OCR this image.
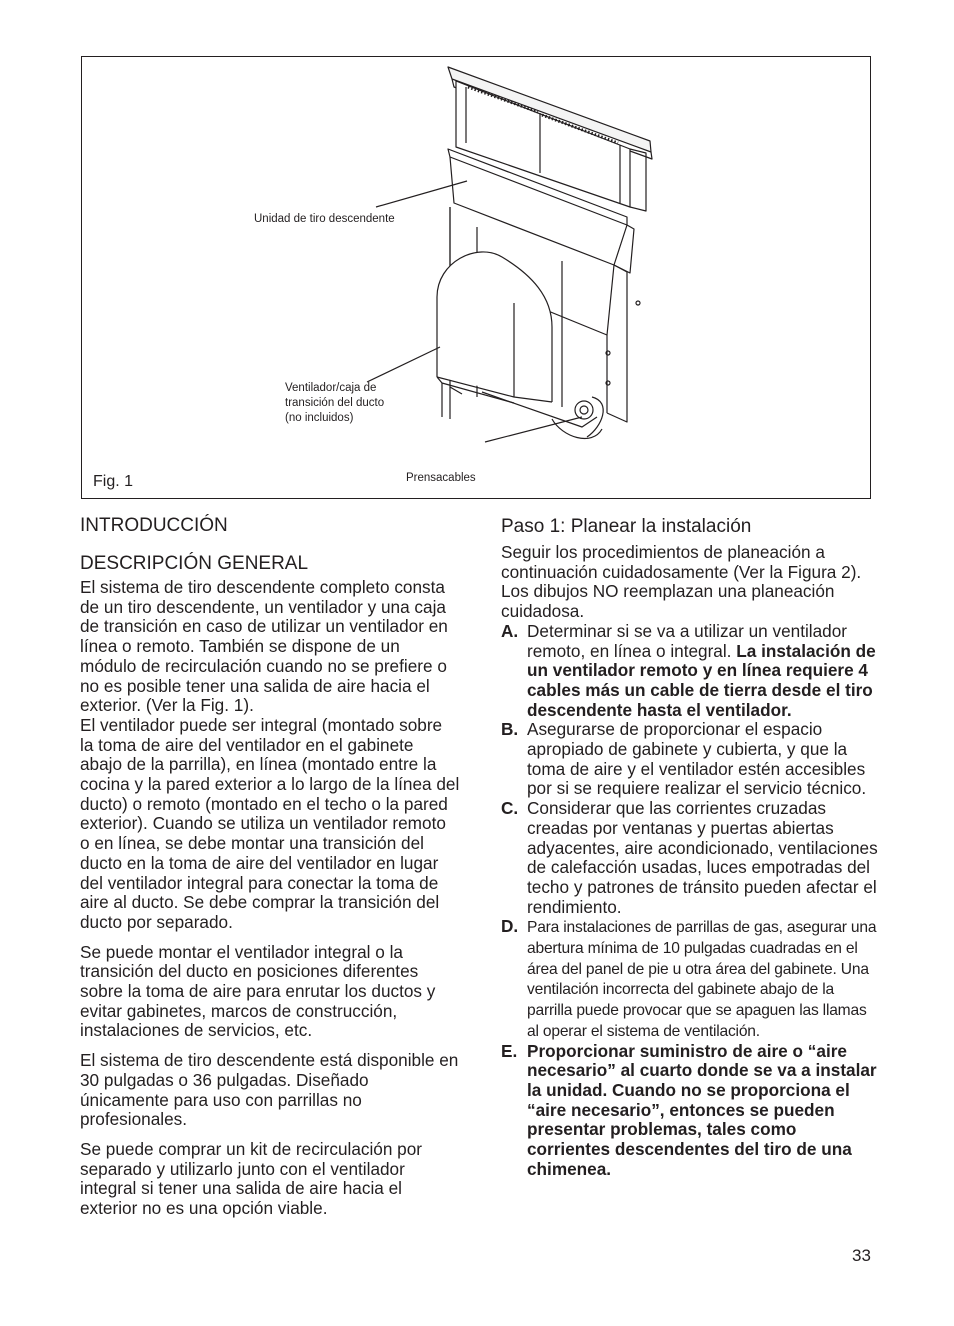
Unidad de tiro descendente
Ventilador/caja de
transición del ducto
(no incluidos)
Prensacables
Fig. 1
INTRODUCCIÓN
DESCRIPCIÓN GENERAL

El sistema de tiro descendente completo consta de un tiro descendente, un ventilador y una caja de transición en caso de utilizar un ventilador en línea o remoto. También se dispone de un módulo de recirculación cuando no se prefiere o no es posible tener una salida de aire hacia el exterior. (Ver la Fig. 1).

El ventilador puede ser integral (montado sobre la toma de aire del ventilador en el gabinete abajo de la parrilla), en línea (montado entre la cocina y la pared exterior a lo largo de la línea del ducto) o remoto (montado en el techo o la pared exterior). Cuando se utiliza un ventilador remoto o en línea, se debe montar una transición del ducto en la toma de aire del ventilador en lugar del ventilador integral para conectar la toma de aire al ducto. Se debe comprar la transición del ducto por separado.

Se puede montar el ventilador integral o la transición del ducto en posiciones diferentes sobre la toma de aire para enrutar los ductos y evitar gabinetes, marcos de construcción, instalaciones de servicios, etc.

El sistema de tiro descendente está disponible en 30 pulgadas o 36 pulgadas. Diseñado únicamente para uso con parrillas no profesionales.

Se puede comprar un kit de recirculación por separado y utilizarlo junto con el ventilador integral si tener una salida de aire hacia el exterior no es una opción viable.

Paso 1: Planear la instalación

Seguir los procedimientos de planeación a continuación cuidadosamente (Ver la Figura 2). Los dibujos NO reemplazan una planeación cuidadosa.

A. Determinar si se va a utilizar un ventilador remoto, en línea o integral. La instalación de un ventilador remoto y en línea requiere 4 cables más un cable de tierra desde el tiro descendente hasta el ventilador.
B. Asegurarse de proporcionar el espacio apropiado de gabinete y cubierta, y que la toma de aire y el ventilador estén accesibles por si se requiere realizar el servicio técnico.
C. Considerar que las corrientes cruzadas creadas por ventanas y puertas abiertas adyacentes, aire acondicionado, ventilaciones de calefacción usadas, luces empotradas del techo y patrones de tránsito pueden afectar el rendimiento.
D. Para instalaciones de parrillas de gas, asegurar una abertura mínima de 10 pulgadas cuadradas en el área del panel de pie u otra área del gabinete. Una ventilación incorrecta del gabinete abajo de la parrilla puede provocar que se apaguen las llamas al operar el sistema de ventilación.
E. Proporcionar suministro de aire o “aire necesario” al cuarto donde se va a instalar la unidad. Cuando no se proporciona el “aire necesario”, entonces se pueden presentar problemas, tales como corrientes descendentes del tiro de una chimenea.
33
